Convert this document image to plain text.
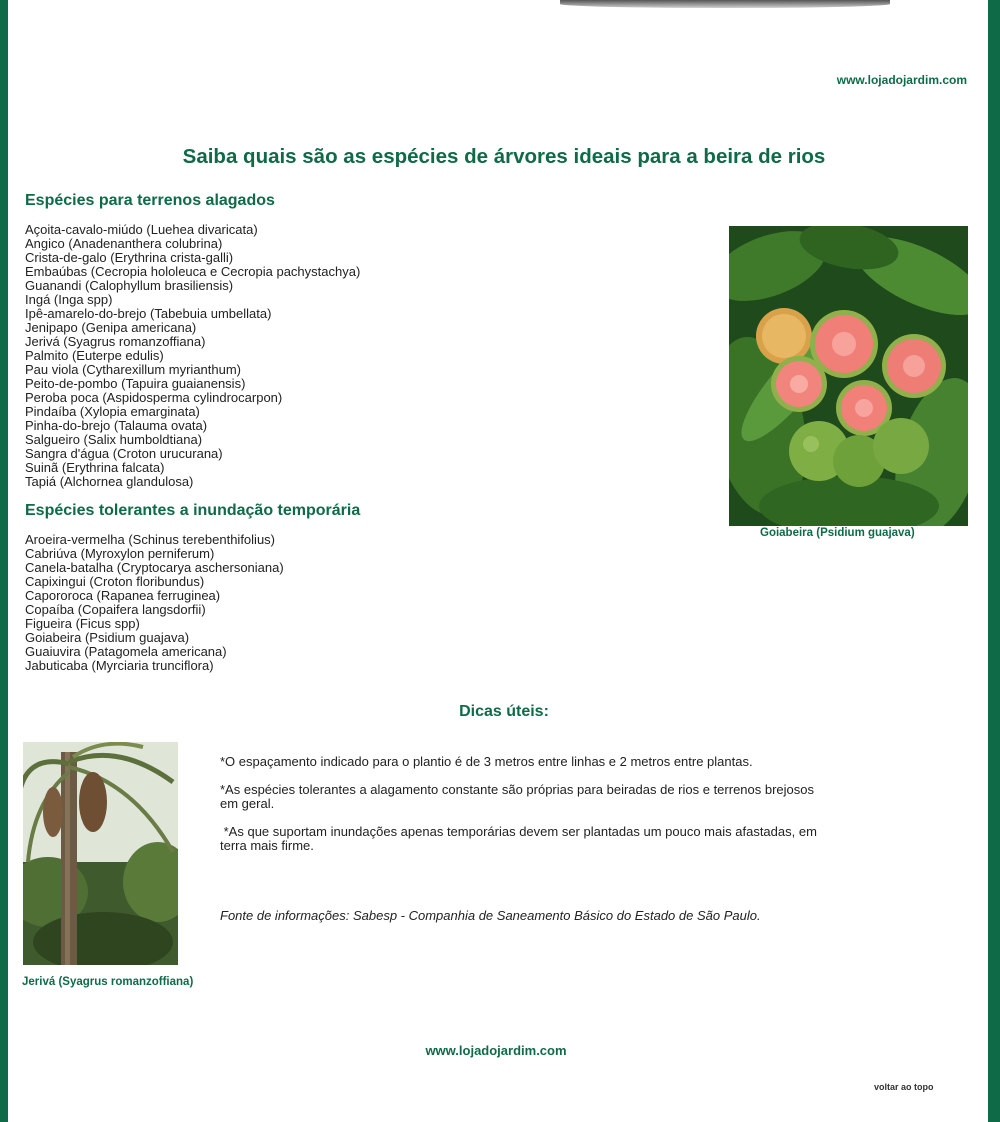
www.lojadojardim.com
Saiba quais são as espécies de árvores ideais para a beira de rios
Espécies para terrenos alagados
Açoita-cavalo-miúdo (Luehea divaricata)
Angico (Anadenanthera colubrina)
Crista-de-galo (Erythrina crista-galli)
Embaúbas (Cecropia hololeuca e Cecropia pachystachya)
Guanandi (Calophyllum brasiliensis)
Ingá (Inga spp)
Ipê-amarelo-do-brejo (Tabebuia umbellata)
Jenipapo (Genipa americana)
Jerivá (Syagrus romanzoffiana)
Palmito (Euterpe edulis)
Pau viola (Cytharexillum myrianthum)
Peito-de-pombo (Tapuira guaianensis)
Peroba poca (Aspidosperma cylindrocarpon)
Pindaíba (Xylopia emarginata)
Pinha-do-brejo (Talauma ovata)
Salgueiro (Salix humboldtiana)
Sangra d'água (Croton urucurana)
Suinã (Erythrina falcata)
Tapiá (Alchornea glandulosa)
Espécies tolerantes a inundação temporária
Aroeira-vermelha (Schinus terebenthifolius)
Cabriúva (Myroxylon perniferum)
Canela-batalha (Cryptocarya aschersoniana)
Capixingui (Croton floribundus)
Capororoca (Rapanea ferruginea)
Copaíba (Copaifera langsdorfii)
Figueira (Ficus spp)
Goiabeira (Psidium guajava)
Guaiuvira (Patagomela americana)
Jabuticaba (Myrciaria trunciflora)
Goiabeira (Psidium guajava)
Dicas úteis:
Jerivá (Syagrus romanzoffiana)

*O espaçamento indicado para o plantio é de 3 metros entre linhas e 2 metros entre plantas.

*As espécies tolerantes a alagamento constante são próprias para beiradas de rios e terrenos brejosos em geral.

*As que suportam inundações apenas temporárias devem ser plantadas um pouco mais afastadas, em terra mais firme.

Fonte de informações: Sabesp - Companhia de Saneamento Básico do Estado de São Paulo.

www.lojadojardim.com
voltar ao topo
